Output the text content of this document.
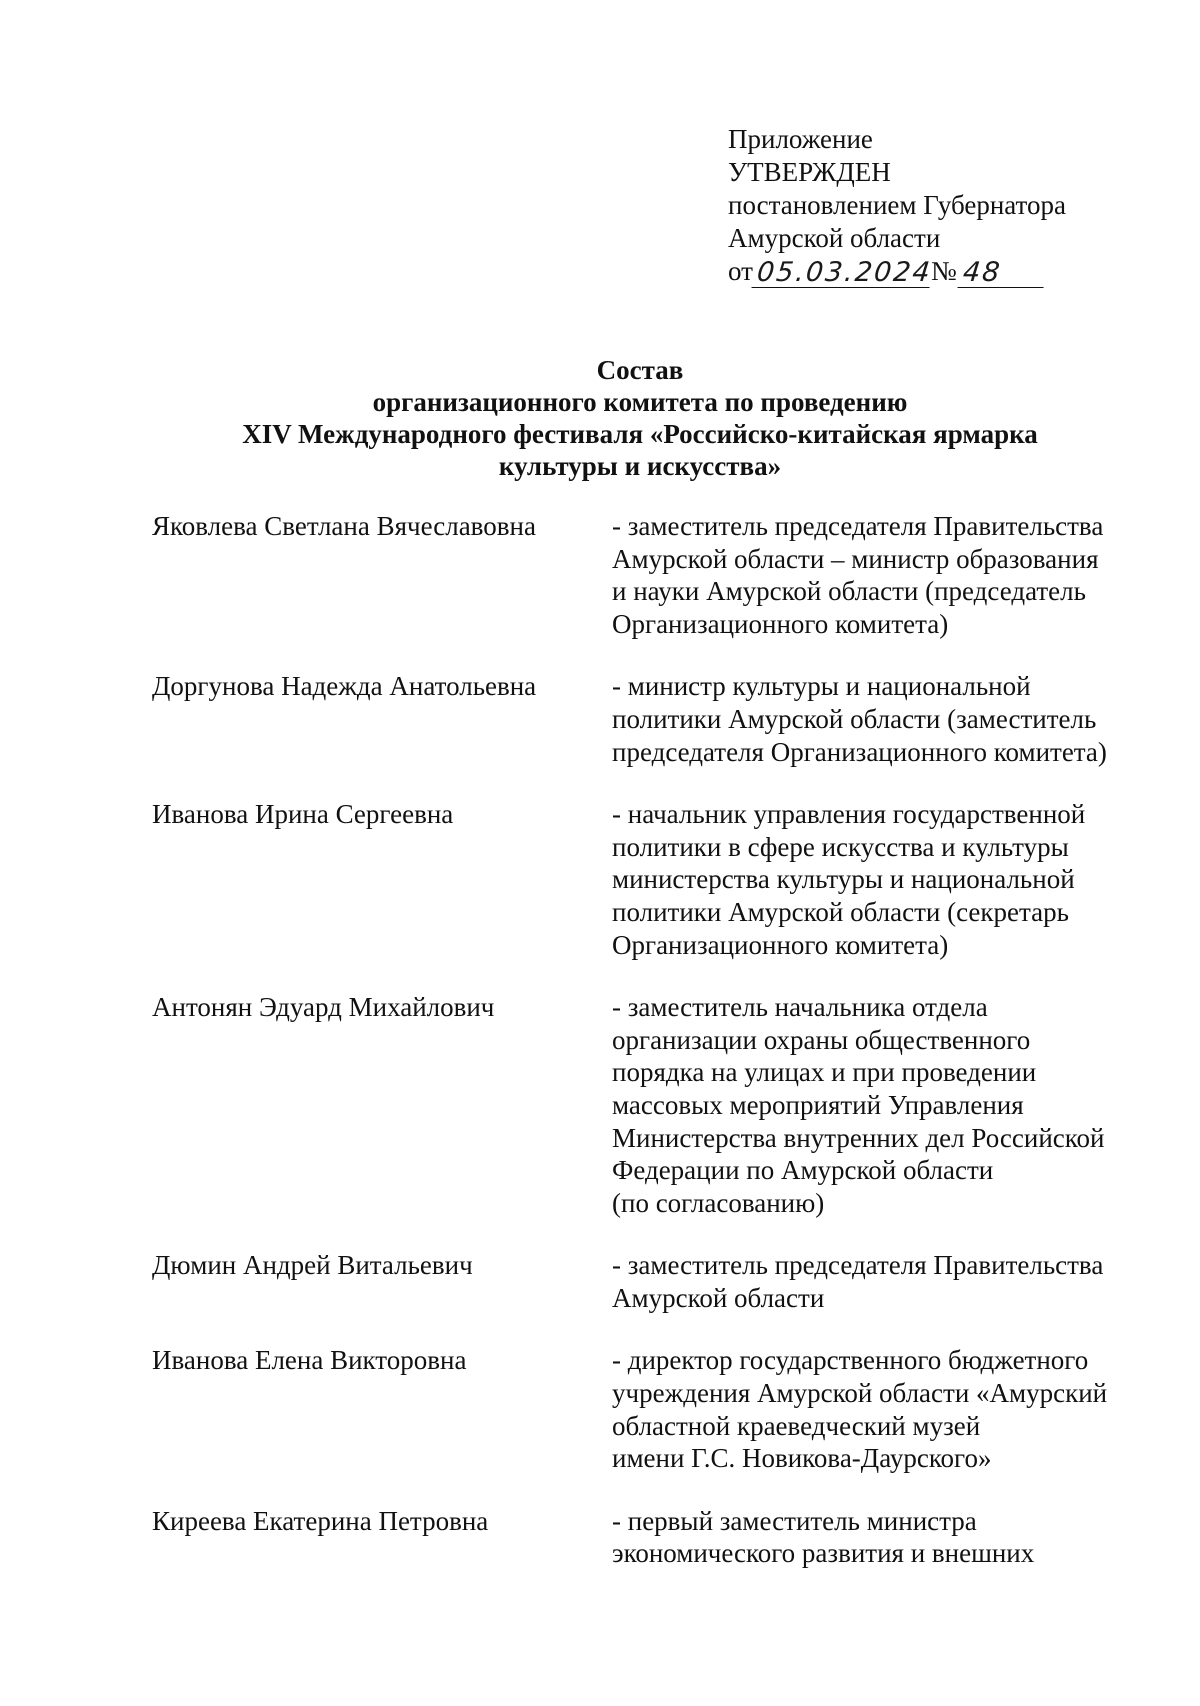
Приложение
УТВЕРЖДЕН
постановлением Губернатора
Амурской области
от 05.03.2024
№ 48
Состав
организационного комитета по проведению
XIV Международного фестиваля «Российско-китайская ярмарка
культуры и искусства»
Яковлева Светлана Вячеславовна	- заместитель председателя Правительства
Амурской области – министр образования
и науки Амурской области (председатель
Организационного комитета)
Доргунова Надежда Анатольевна	- министр культуры и национальной
политики Амурской области (заместитель
председателя Организационного комитета)
Иванова Ирина Сергеевна	- начальник управления государственной
политики в сфере искусства и культуры
министерства культуры и национальной
политики Амурской области (секретарь
Организационного комитета)
Антонян Эдуард Михайлович	- заместитель начальника отдела
организации охраны общественного
порядка на улицах и при проведении
массовых мероприятий Управления
Министерства внутренних дел Российской
Федерации по Амурской области
(по согласованию)
Дюмин Андрей Витальевич	- заместитель председателя Правительства
Амурской области
Иванова Елена Викторовна	- директор государственного бюджетного
учреждения Амурской области «Амурский
областной краеведческий музей
имени Г.С. Новикова-Даурского»
Киреева Екатерина Петровна	- первый заместитель министра
экономического развития и внешних
